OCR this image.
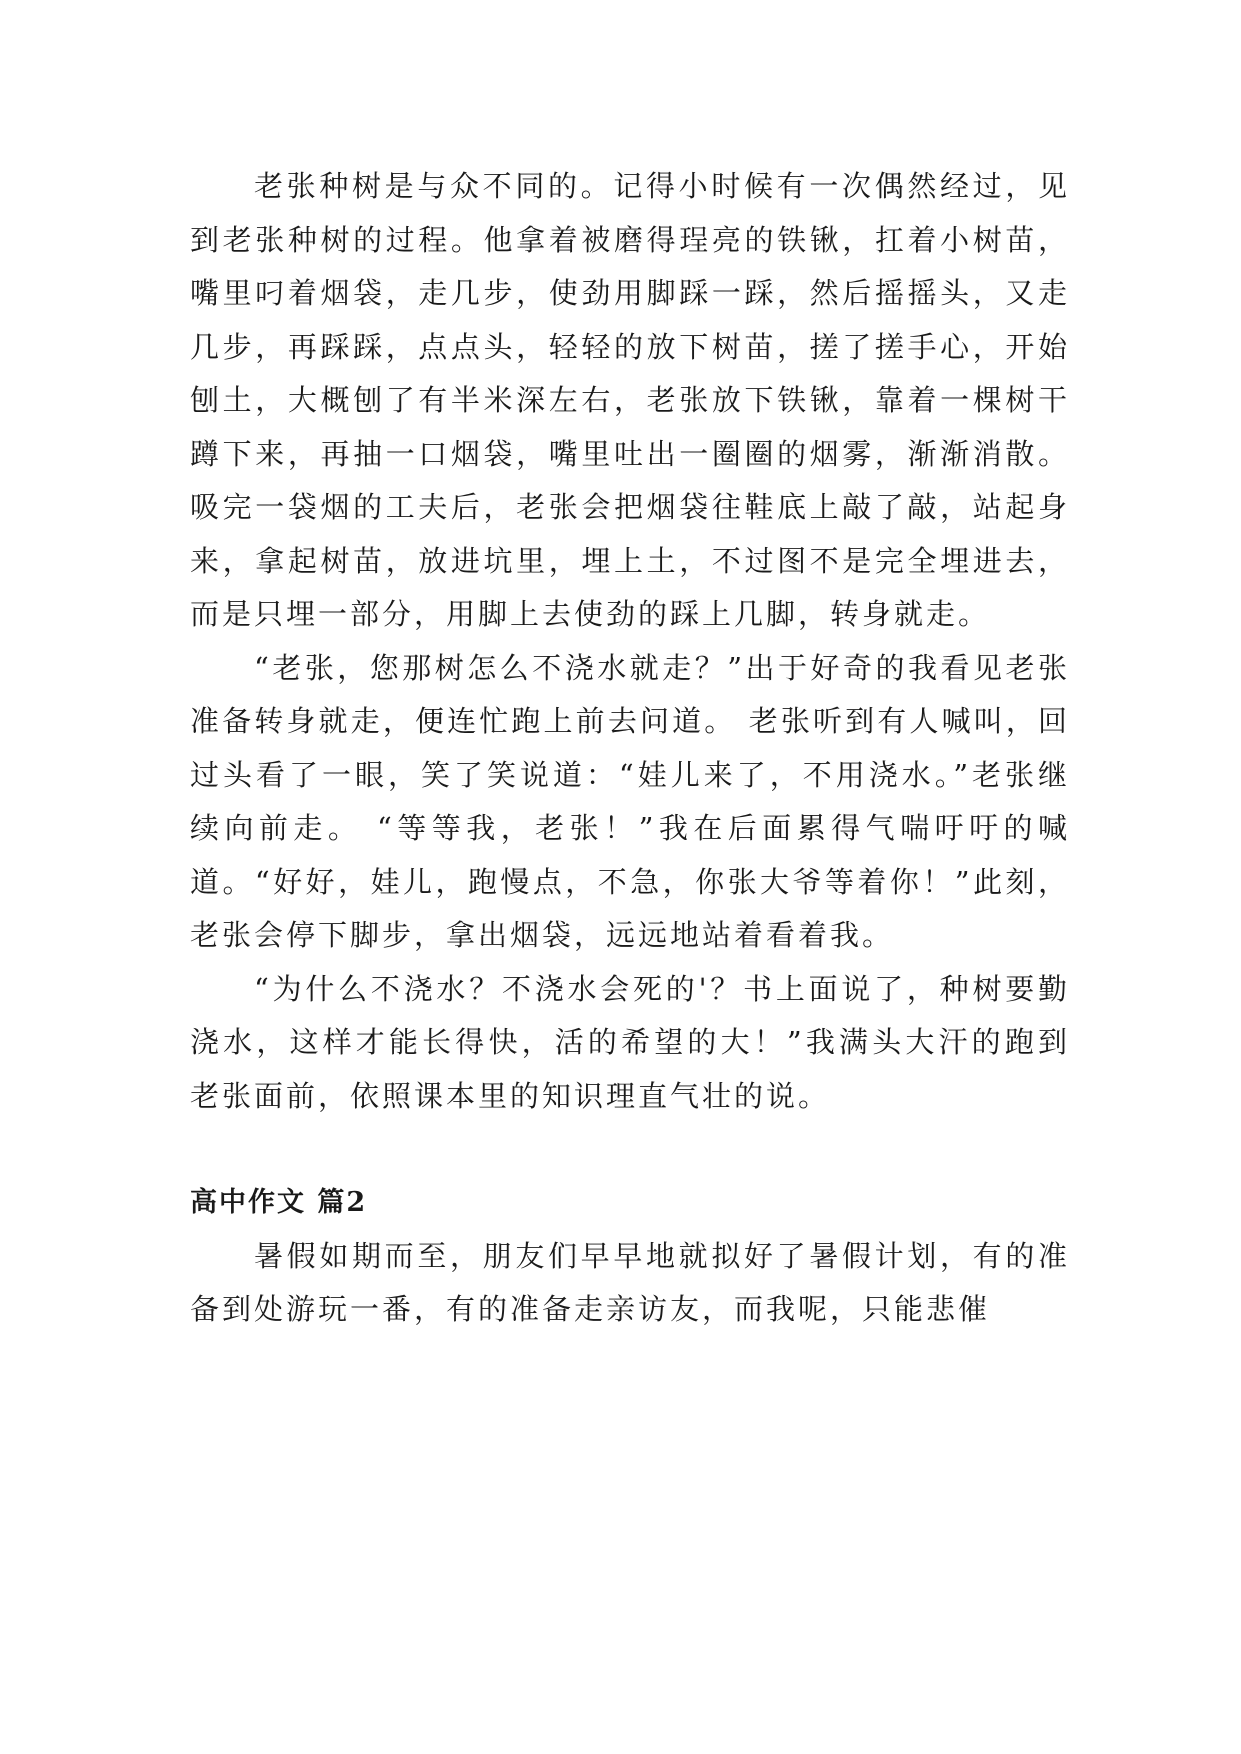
老张种树是与众不同的。记得小时候有一次偶然经过，见到老张种树的过程。他拿着被磨得珵亮的铁锹，扛着小树苗，嘴里叼着烟袋，走几步，使劲用脚踩一踩，然后摇摇头，又走几步，再踩踩，点点头，轻轻的放下树苗，搓了搓手心，开始刨土，大概刨了有半米深左右，老张放下铁锹，靠着一棵树干蹲下来，再抽一口烟袋，嘴里吐出一圈圈的烟雾，渐渐消散。吸完一袋烟的工夫后，老张会把烟袋往鞋底上敲了敲，站起身来，拿起树苗，放进坑里，埋上土，不过图不是完全埋进去，而是只埋一部分，用脚上去使劲的踩上几脚，转身就走。

“老张，您那树怎么不浇水就走？”出于好奇的我看见老张准备转身就走，便连忙跑上前去问道。 老张听到有人喊叫，回过头看了一眼，笑了笑说道：“娃儿来了，不用浇水。”老张继续向前走。 “等等我，老张！”我在后面累得气喘吁吁的喊道。“好好，娃儿，跑慢点，不急，你张大爷等着你！”此刻，老张会停下脚步，拿出烟袋，远远地站着看着我。

“为什么不浇水？不浇水会死的'？书上面说了，种树要勤浇水，这样才能长得快，活的希望的大！”我满头大汗的跑到老张面前，依照课本里的知识理直气壮的说。

高中作文 篇2

暑假如期而至，朋友们早早地就拟好了暑假计划，有的准备到处游玩一番，有的准备走亲访友，而我呢，只能悲催
